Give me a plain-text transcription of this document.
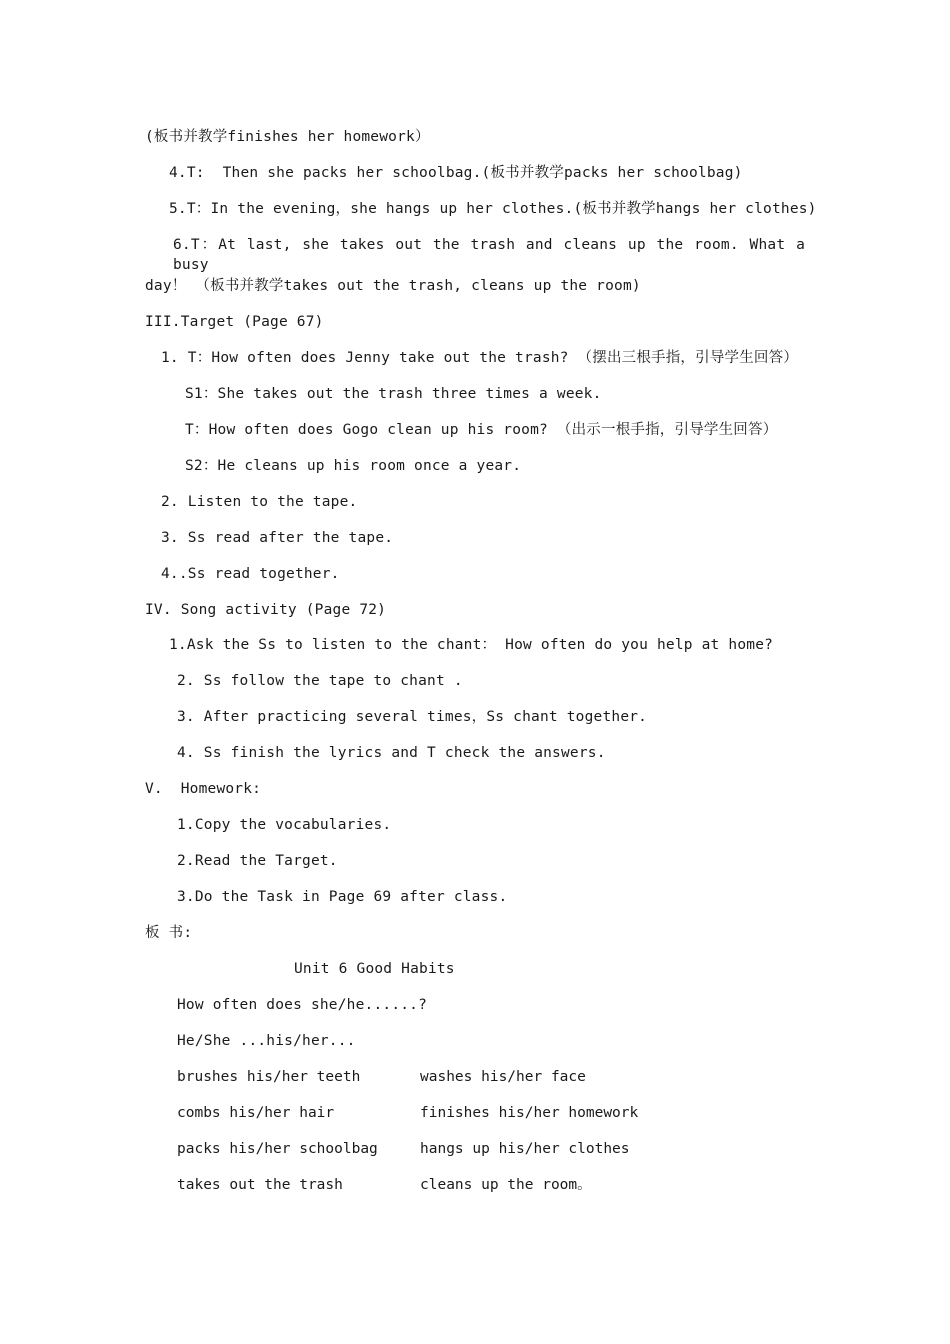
(板书并教学finishes her homework）
4.T:  Then she packs her schoolbag.(板书并教学packs her schoolbag)
5.T：In the evening，she hangs up her clothes.(板书并教学hangs her clothes)
6.T：At last, she takes out the trash and cleans up the room. What a busy
day！ （板书并教学takes out the trash, cleans up the room)
III.Target (Page 67)
1. T：How often does Jenny take out the trash? （摆出三根手指，引导学生回答）
S1：She takes out the trash three times a week.
T：How often does Gogo clean up his room? （出示一根手指，引导学生回答）
S2：He cleans up his room once a year.
2. Listen to the tape.
3. Ss read after the tape.
4..Ss read together.
IV. Song activity (Page 72)
1.Ask the Ss to listen to the chant： How often do you help at home?
2. Ss follow the tape to chant .
3. After practicing several times，Ss chant together.
4. Ss finish the lyrics and T check the answers.
V.  Homework:
1.Copy the vocabularies.
2.Read the Target.
3.Do the Task in Page 69 after class.
板 书:
Unit 6 Good Habits
How often does she/he......?
He/She ...his/her...
brushes his/her teeth	washes his/her face
combs his/her hair	finishes his/her homework
packs his/her schoolbag	hangs up his/her clothes
takes out the trash	cleans up the room。
